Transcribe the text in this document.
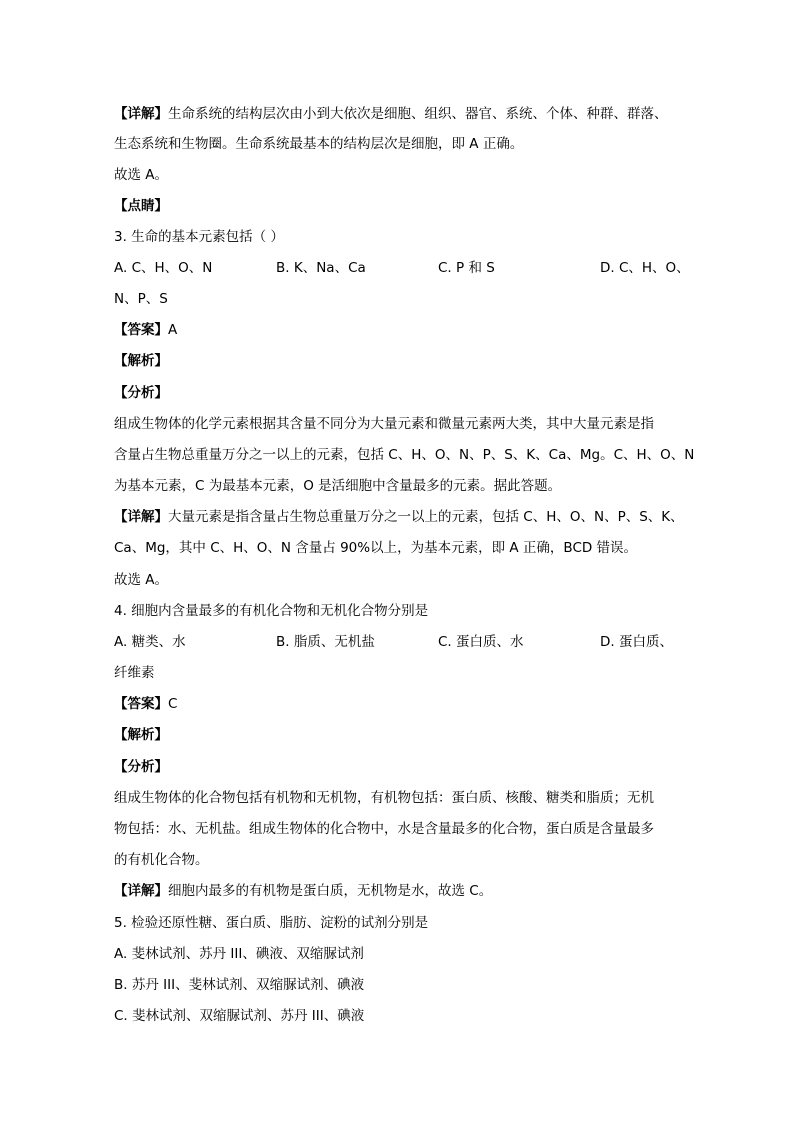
【详解】生命系统的结构层次由小到大依次是细胞、组织、器官、系统、个体、种群、群落、
生态系统和生物圈。生命系统最基本的结构层次是细胞，即 A 正确。
故选 A。
【点睛】
3. 生命的基本元素包括（ ）
A. C、H、O、N	B. K、Na、Ca	C. P 和 S	D. C、H、O、
N、P、S
【答案】A
【解析】
【分析】
组成生物体的化学元素根据其含量不同分为大量元素和微量元素两大类，其中大量元素是指
含量占生物总重量万分之一以上的元素，包括 C、H、O、N、P、S、K、Ca、Mg。C、H、O、N
为基本元素，C 为最基本元素，O 是活细胞中含量最多的元素。据此答题。
【详解】大量元素是指含量占生物总重量万分之一以上的元素，包括 C、H、O、N、P、S、K、
Ca、Mg，其中 C、H、O、N 含量占 90%以上，为基本元素，即 A 正确，BCD 错误。
故选 A。
4. 细胞内含量最多的有机化合物和无机化合物分别是
A. 糖类、水	B. 脂质、无机盐	C. 蛋白质、水	D. 蛋白质、
纤维素
【答案】C
【解析】
【分析】
组成生物体的化合物包括有机物和无机物，有机物包括：蛋白质、核酸、糖类和脂质；无机
物包括：水、无机盐。组成生物体的化合物中，水是含量最多的化合物，蛋白质是含量最多
的有机化合物。
【详解】细胞内最多的有机物是蛋白质，无机物是水，故选 C。
5. 检验还原性糖、蛋白质、脂肪、淀粉的试剂分别是
A. 斐林试剂、苏丹 III、碘液、双缩脲试剂
B. 苏丹 III、斐林试剂、双缩脲试剂、碘液
C. 斐林试剂、双缩脲试剂、苏丹 III、碘液
